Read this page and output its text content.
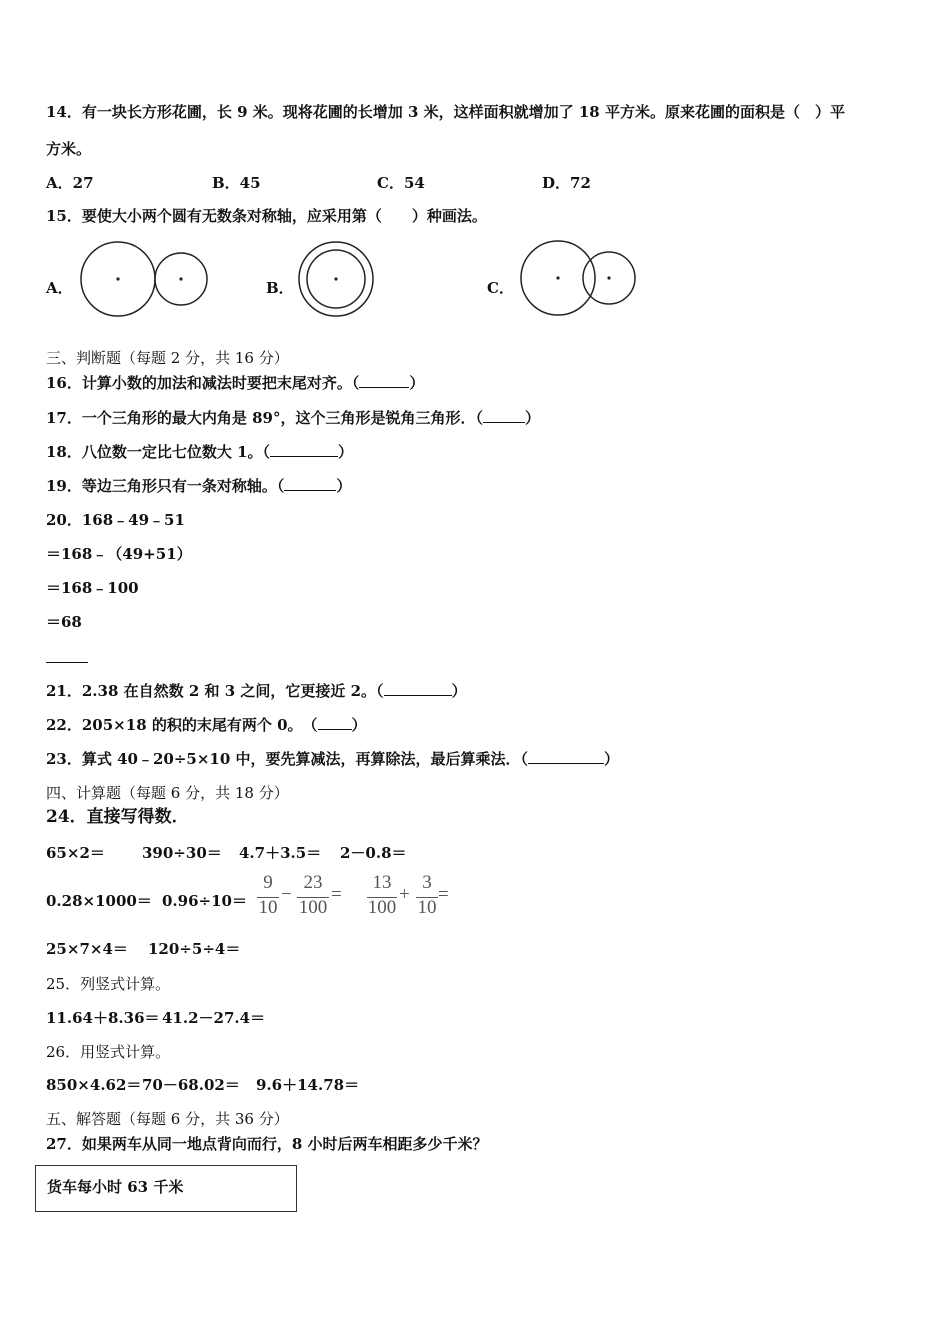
14．有一块长方形花圃，长 9 米。现将花圃的长增加 3 米，这样面积就增加了 18 平方米。原来花圃的面积是（　）平
方米。
A．27	B．45	C．54	D．72
15．要使大小两个圆有无数条对称轴，应采用第（　　）种画法。
A．	B．	C．
三、判断题（每题 2 分，共 16 分）
16．计算小数的加法和减法时要把末尾对齐。（	）
17．一个三角形的最大内角是 89°，这个三角形是锐角三角形．（	）
18．八位数一定比七位数大 1。（	）
19．等边三角形只有一条对称轴。（	）
20．168﹣49﹣51
＝168﹣（49+51）
＝168﹣100
＝68
21．2.38 在自然数 2 和 3 之间，它更接近 2。（	）
22．205×18 的积的末尾有两个 0。　（ ）
23．算式 40﹣20÷5×10 中，要先算减法，再算除法，最后算乘法．（	）
四、计算题（每题 6 分，共 18 分）
24．直接写得数．
65×2＝ 390÷30＝ 4.7＋3.5＝ 2－0.8＝
0.28×1000＝ 0.96÷10＝
9
10
−
23
100
=
13
100
+
3
10
=
25×7×4＝ 120÷5÷4＝
25．列竖式计算。
11.64＋8.36＝ 41.2－27.4＝
26．用竖式计算。
850×4.62＝ 70－68.02＝ 9.6＋14.78＝
五、解答题（每题 6 分，共 36 分）
27．如果两车从同一地点背向而行，8 小时后两车相距多少千米？
货车每小时 63 千米
